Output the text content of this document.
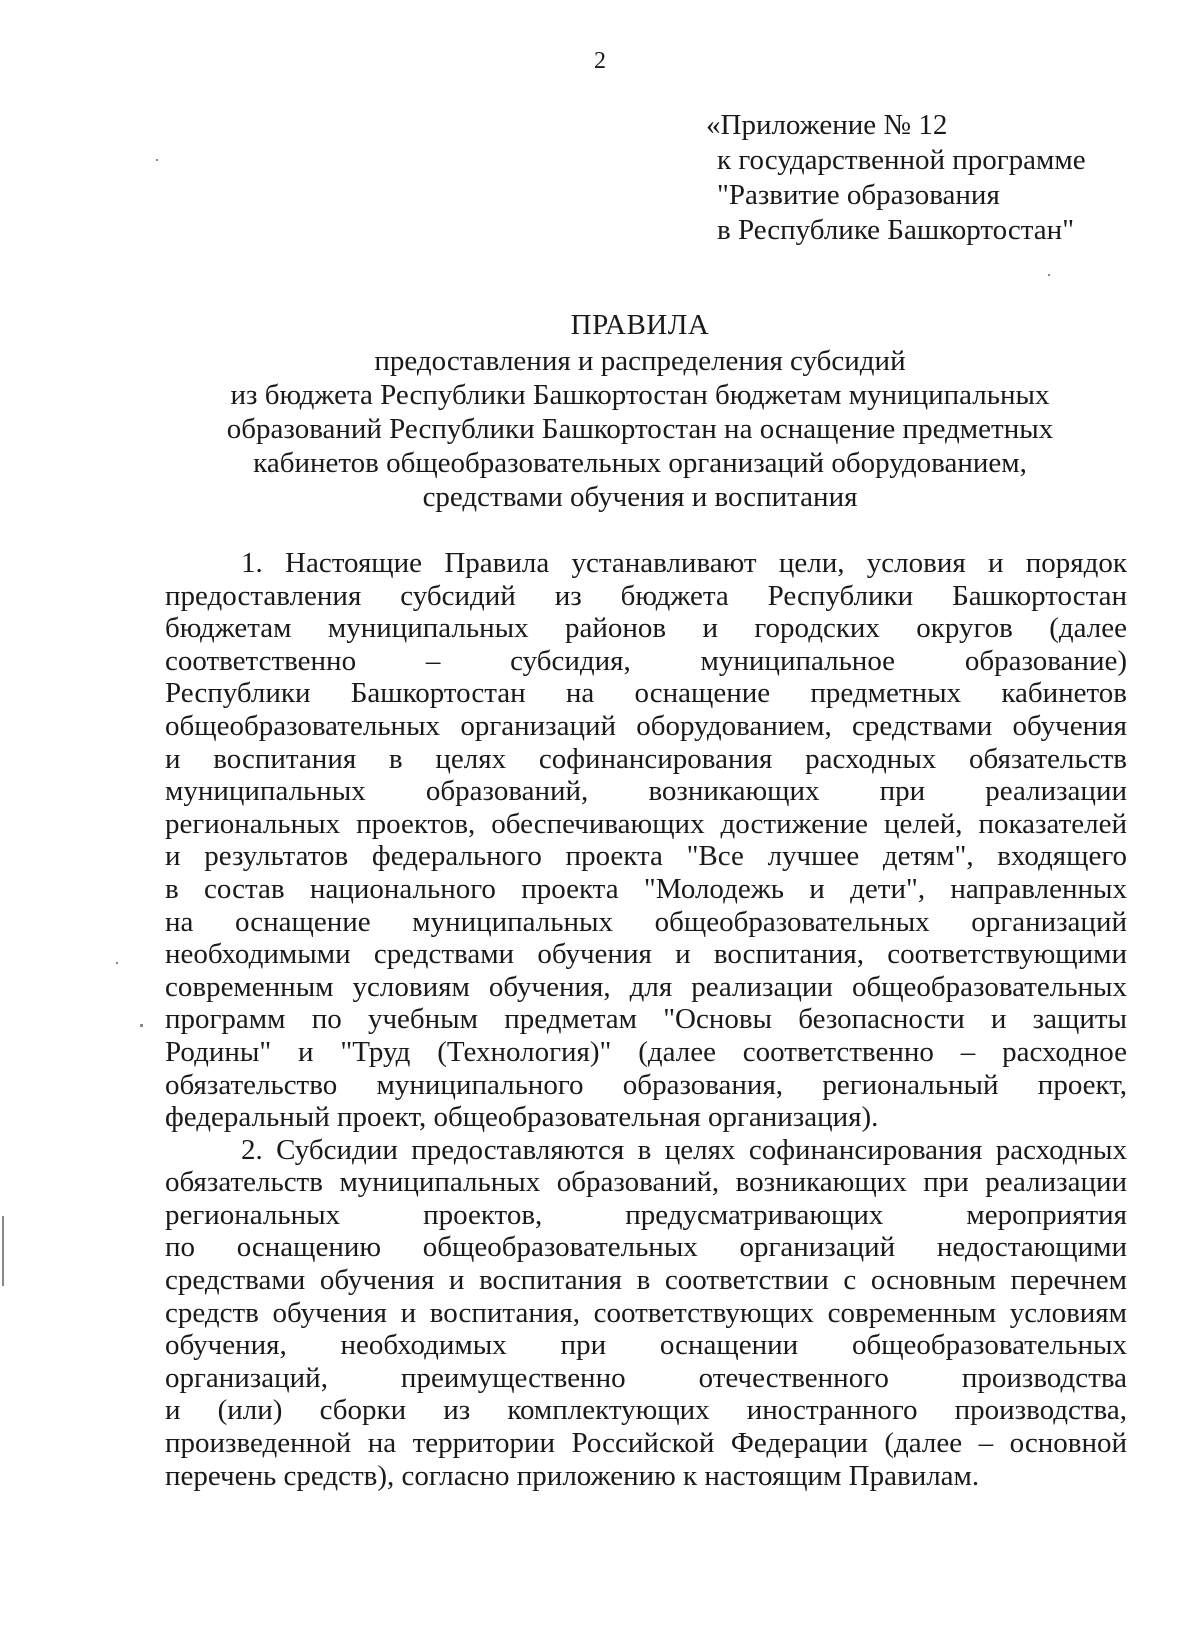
2
«Приложение № 12
к государственной программе
"Развитие образования
в Республике Башкортостан"
ПРАВИЛА
предоставления и распределения субсидий
из бюджета Республики Башкортостан бюджетам муниципальных
образований Республики Башкортостан на оснащение предметных
кабинетов общеобразовательных организаций оборудованием,
средствами обучения и воспитания
1. Настоящие Правила устанавливают цели, условия и порядок
предоставления субсидий из бюджета Республики Башкортостан
бюджетам муниципальных районов и городских округов (далее
соответственно – субсидия, муниципальное образование)
Республики Башкортостан на оснащение предметных кабинетов
общеобразовательных организаций оборудованием, средствами обучения
и воспитания в целях софинансирования расходных обязательств
муниципальных образований, возникающих при реализации
региональных проектов, обеспечивающих достижение целей, показателей
и результатов федерального проекта "Все лучшее детям", входящего
в состав национального проекта "Молодежь и дети", направленных
на оснащение муниципальных общеобразовательных организаций
необходимыми средствами обучения и воспитания, соответствующими
современным условиям обучения, для реализации общеобразовательных
программ по учебным предметам "Основы безопасности и защиты
Родины" и "Труд (Технология)" (далее соответственно – расходное
обязательство муниципального образования, региональный проект,
федеральный проект, общеобразовательная организация).
2. Субсидии предоставляются в целях софинансирования расходных
обязательств муниципальных образований, возникающих при реализации
региональных проектов, предусматривающих мероприятия
по оснащению общеобразовательных организаций недостающими
средствами обучения и воспитания в соответствии с основным перечнем
средств обучения и воспитания, соответствующих современным условиям
обучения, необходимых при оснащении общеобразовательных
организаций, преимущественно отечественного производства
и (или) сборки из комплектующих иностранного производства,
произведенной на территории Российской Федерации (далее – основной
перечень средств), согласно приложению к настоящим Правилам.
